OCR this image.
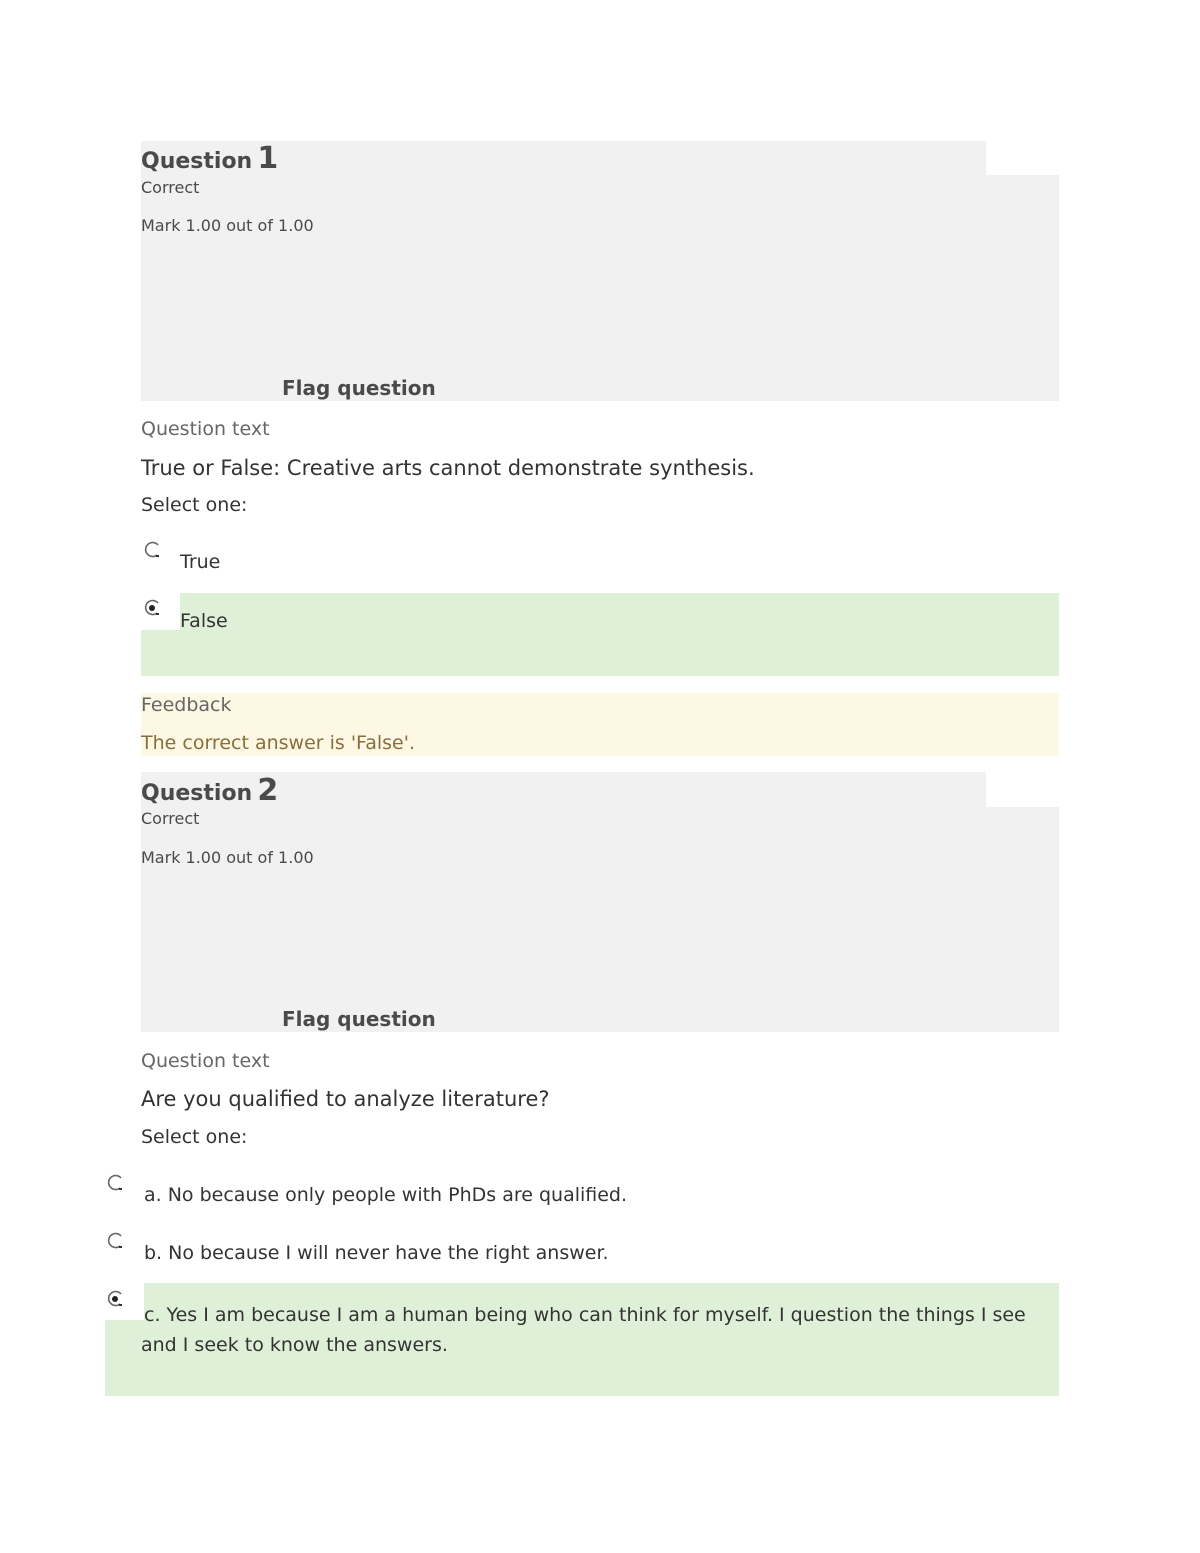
Question 1
Correct
Mark 1.00 out of 1.00
Flag question
Question text
True or False: Creative arts cannot demonstrate synthesis.
Select one:
True
False
Feedback
The correct answer is 'False'.
Question 2
Correct
Mark 1.00 out of 1.00
Flag question
Question text
Are you qualified to analyze literature?
Select one:
a. No because only people with PhDs are qualified.
b. No because I will never have the right answer.
c. Yes I am because I am a human being who can think for myself. I question the things I see and I seek to know the answers.
